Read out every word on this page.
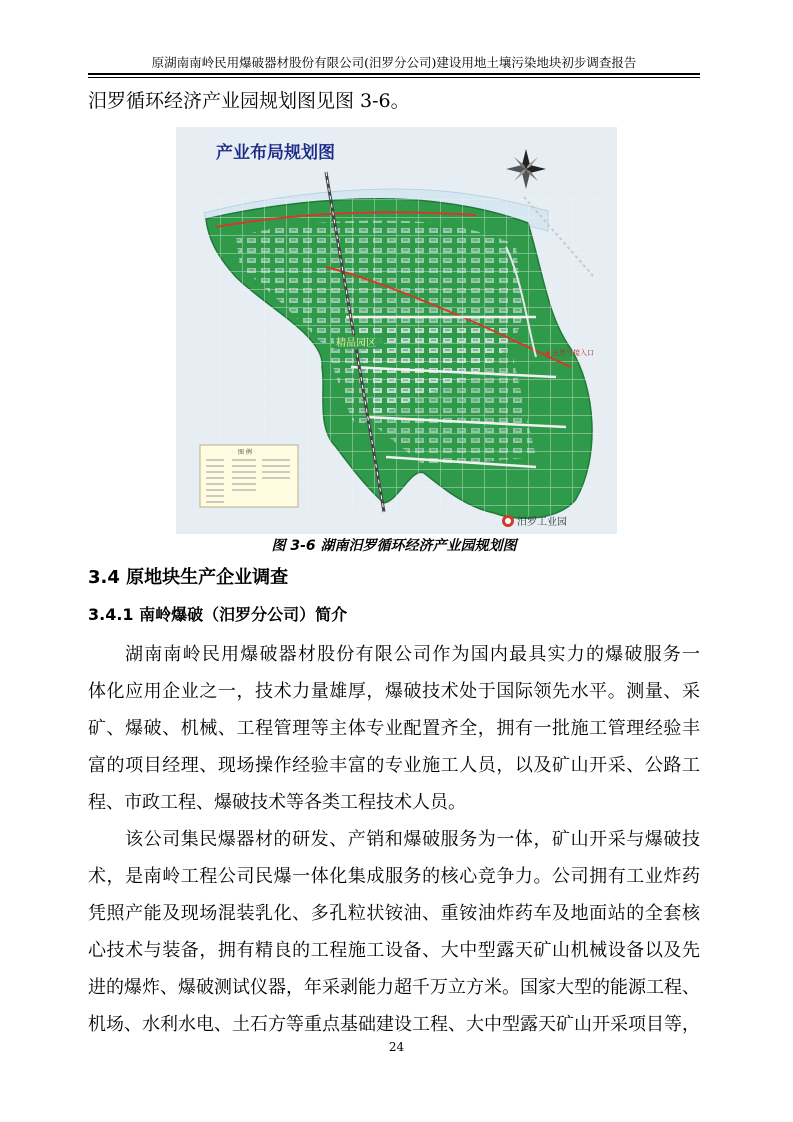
原湖南南岭民用爆破器材股份有限公司(汨罗分公司)建设用地土壤污染地块初步调查报告
汨罗循环经济产业园规划图见图 3-6。
产业布局规划图
精品园区
天然气接入口
图 例
汨罗工业园
图 3-6 湖南汨罗循环经济产业园规划图
3.4 原地块生产企业调查
3.4.1 南岭爆破（汨罗分公司）简介
湖南南岭民用爆破器材股份有限公司作为国内最具实力的爆破服务一
体化应用企业之一，技术力量雄厚，爆破技术处于国际领先水平。测量、采
矿、爆破、机械、工程管理等主体专业配置齐全，拥有一批施工管理经验丰
富的项目经理、现场操作经验丰富的专业施工人员，以及矿山开采、公路工
程、市政工程、爆破技术等各类工程技术人员。
该公司集民爆器材的研发、产销和爆破服务为一体，矿山开采与爆破技
术，是南岭工程公司民爆一体化集成服务的核心竞争力。公司拥有工业炸药
凭照产能及现场混装乳化、多孔粒状铵油、重铵油炸药车及地面站的全套核
心技术与装备，拥有精良的工程施工设备、大中型露天矿山机械设备以及先
进的爆炸、爆破测试仪器，年采剥能力超千万立方米。国家大型的能源工程、
机场、水利水电、土石方等重点基础建设工程、大中型露天矿山开采项目等，
24
